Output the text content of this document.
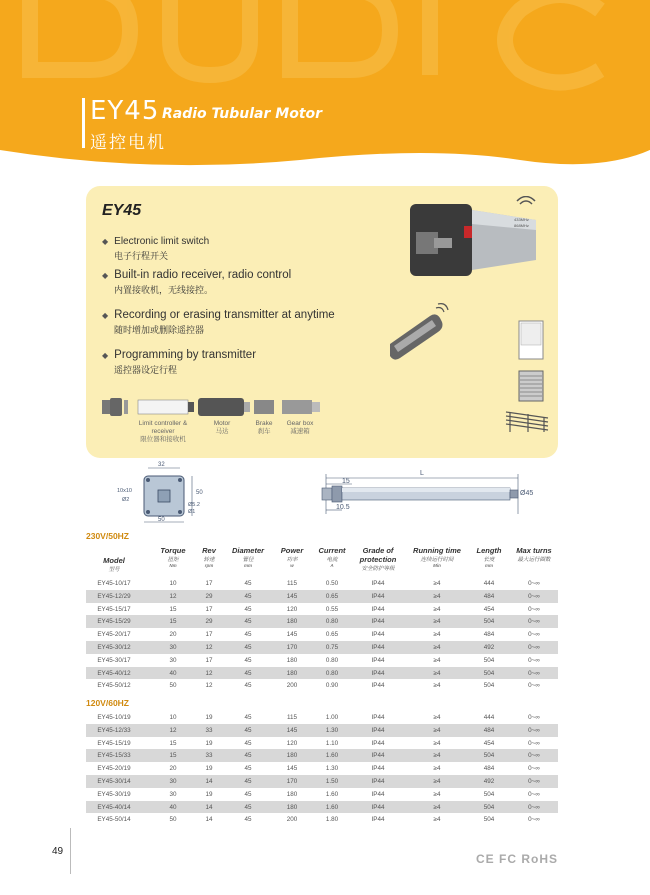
EY45 Radio Tubular Motor
遥控电机
EY45
◆ Electronic limit switch
电子行程开关
◆ Built-in radio receiver, radio control
内置接收机，无线接控。
◆ Recording or erasing transmitter at anytime
随时增加或删除遥控器
◆ Programming by transmitter
遥控器设定行程
Limit controller & receiver
限位器和接收机
Motor
马达
Brake
刹车
Gear box
减速箱
433MHz
868MHz
32
10x10
Ø2
50
Ø5.2
Ø1
50
L
15
10.5
Ø45
230V/50HZ
Model
型号
Torque
扭矩
Nm
Rev
转速
rpm
Diameter
管径
mm
Power
功率
w
Current
电流
A
Grade of protection
安全防护等级
Running time
连续运行时间
Min
Length
长度
mm
Max turns
最大运行圈数
EY45-10/17	10	17	45	115	0.50	IP44	≥4	444	0~∞
EY45-12/29	12	29	45	145	0.65	IP44	≥4	484	0~∞
EY45-15/17	15	17	45	120	0.55	IP44	≥4	454	0~∞
EY45-15/29	15	29	45	180	0.80	IP44	≥4	504	0~∞
EY45-20/17	20	17	45	145	0.65	IP44	≥4	484	0~∞
EY45-30/12	30	12	45	170	0.75	IP44	≥4	492	0~∞
EY45-30/17	30	17	45	180	0.80	IP44	≥4	504	0~∞
EY45-40/12	40	12	45	180	0.80	IP44	≥4	504	0~∞
EY45-50/12	50	12	45	200	0.90	IP44	≥4	504	0~∞
120V/60HZ
EY45-10/19	10	19	45	115	1.00	IP44	≥4	444	0~∞
EY45-12/33	12	33	45	145	1.30	IP44	≥4	484	0~∞
EY45-15/19	15	19	45	120	1.10	IP44	≥4	454	0~∞
EY45-15/33	15	33	45	180	1.60	IP44	≥4	504	0~∞
EY45-20/19	20	19	45	145	1.30	IP44	≥4	484	0~∞
EY45-30/14	30	14	45	170	1.50	IP44	≥4	492	0~∞
EY45-30/19	30	19	45	180	1.60	IP44	≥4	504	0~∞
EY45-40/14	40	14	45	180	1.60	IP44	≥4	504	0~∞
EY45-50/14	50	14	45	200	1.80	IP44	≥4	504	0~∞
49
CE FC RoHS
